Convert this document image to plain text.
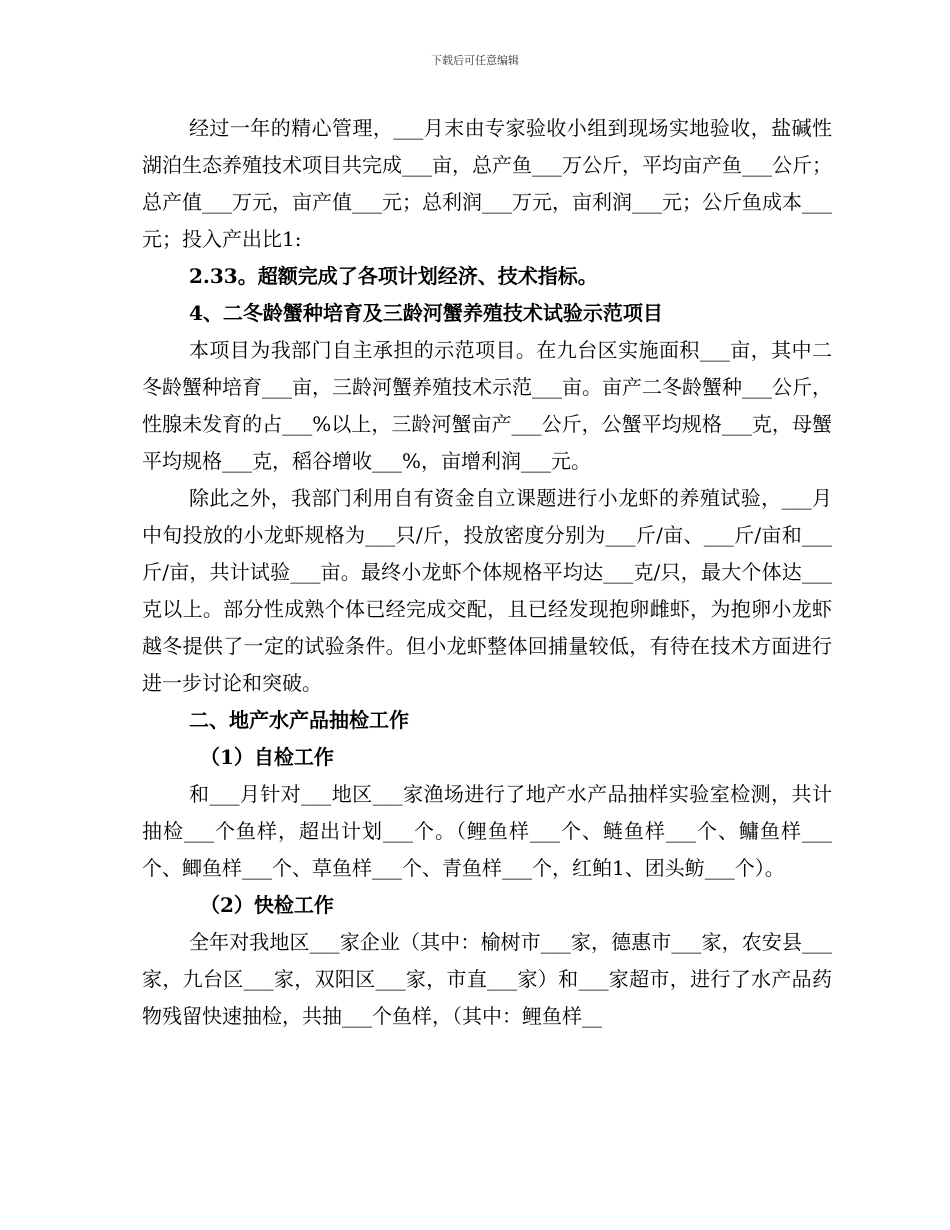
下载后可任意编辑

经过一年的精心管理，___月末由专家验收小组到现场实地验收，盐碱性湖泊生态养殖技术项目共完成___亩，总产鱼___万公斤，平均亩产鱼___公斤；总产值___万元，亩产值___元；总利润___万元，亩利润___元；公斤鱼成本___元；投入产出比1:

2.33。超额完成了各项计划经济、技术指标。

4、二冬龄蟹种培育及三龄河蟹养殖技术试验示范项目

本项目为我部门自主承担的示范项目。在九台区实施面积___亩，其中二冬龄蟹种培育___亩，三龄河蟹养殖技术示范___亩。亩产二冬龄蟹种___公斤，性腺未发育的占___%以上，三龄河蟹亩产___公斤，公蟹平均规格___克，母蟹平均规格___克，稻谷增收___%，亩增利润___元。

除此之外，我部门利用自有资金自立课题进行小龙虾的养殖试验，___月中旬投放的小龙虾规格为___只/斤，投放密度分别为___斤/亩、___斤/亩和___斤/亩，共计试验___亩。最终小龙虾个体规格平均达___克/只，最大个体达___克以上。部分性成熟个体已经完成交配，且已经发现抱卵雌虾，为抱卵小龙虾越冬提供了一定的试验条件。但小龙虾整体回捕量较低，有待在技术方面进行进一步讨论和突破。

二、地产水产品抽检工作

（1）自检工作

和___月针对___地区___家渔场进行了地产水产品抽样实验室检测，共计抽检___个鱼样，超出计划___个。（鲤鱼样___个、鲢鱼样___个、鳙鱼样___个、鲫鱼样___个、草鱼样___个、青鱼样___个，红鲌1、团头鲂___个）。

（2）快检工作

全年对我地区___家企业（其中：榆树市___家，德惠市___家，农安县___家，九台区___家，双阳区___家，市直___家）和___家超市，进行了水产品药物残留快速抽检，共抽___个鱼样，（其中：鲤鱼样__
